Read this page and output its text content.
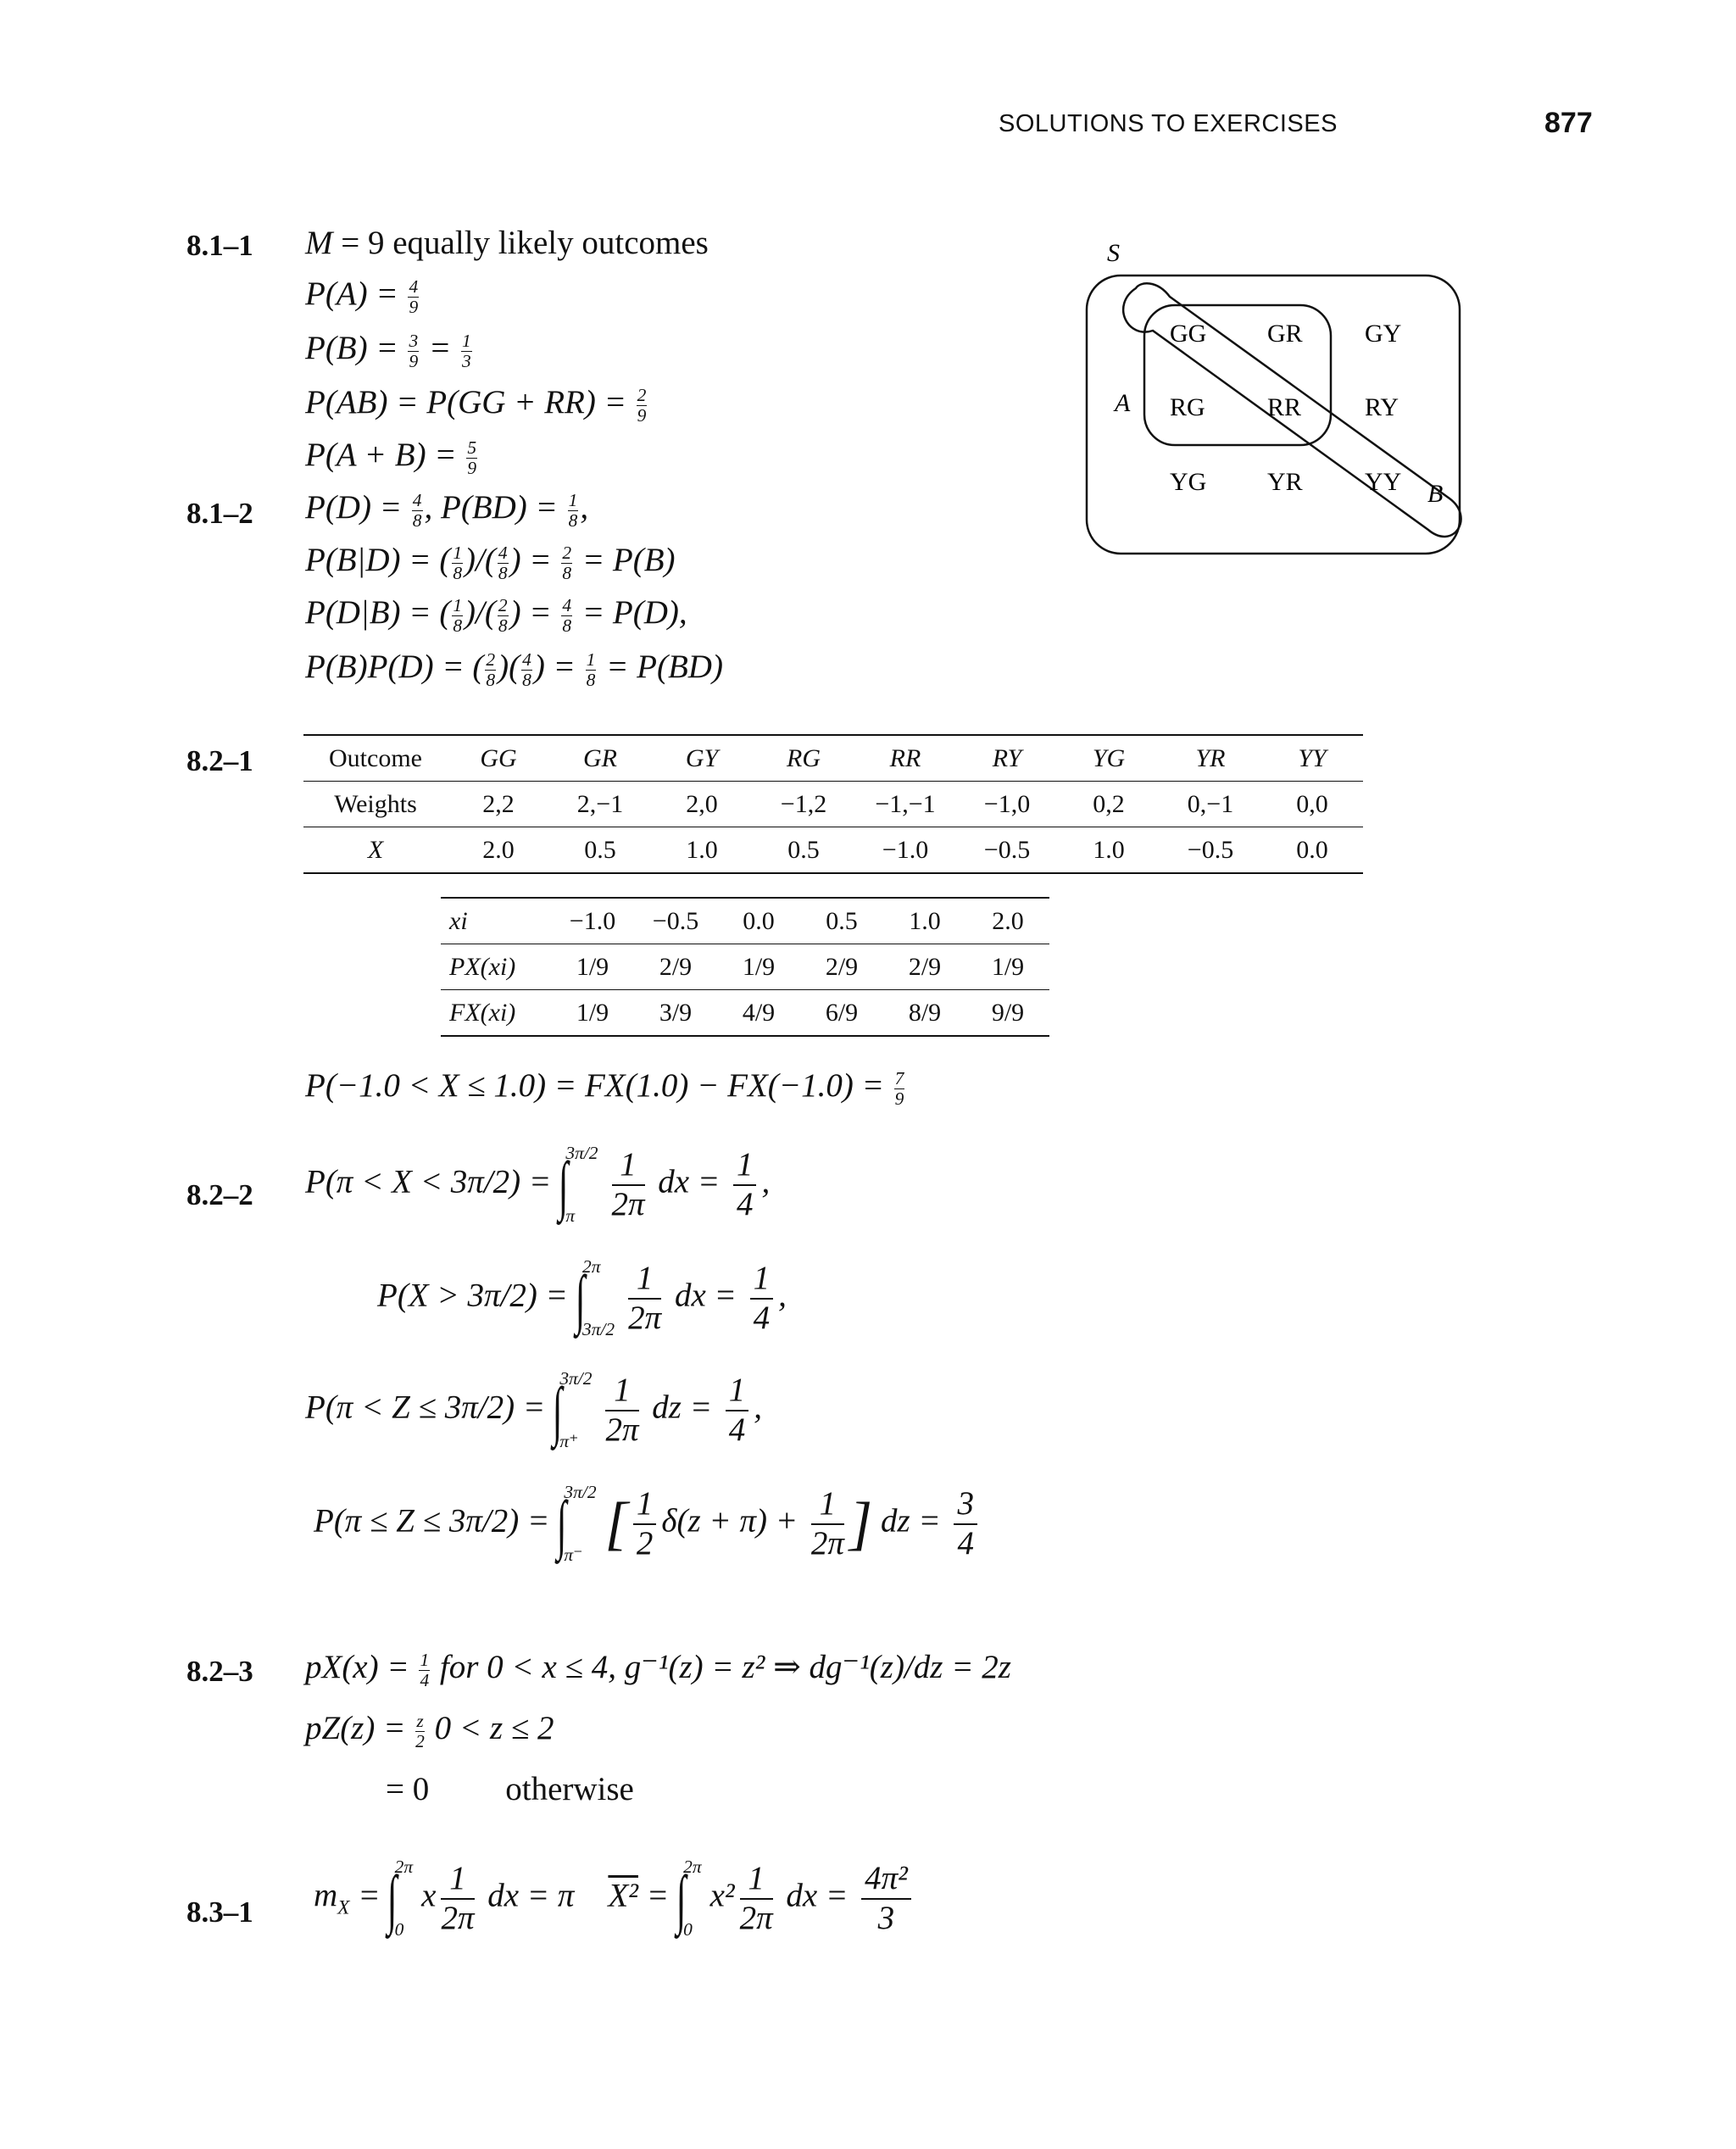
SOLUTIONS TO EXERCISES	877
8.1–1 M = 9 equally likely outcomes
$P(A) = \frac{4}{9}$
$P(B) = \frac{3}{9} = \frac{1}{3}$
$P(AB) = P(GG + RR) = \frac{2}{9}$
$P(A + B) = \frac{5}{9}$
8.1–2 $P(D) = \frac{4}{8}$ , $P(BD) = \frac{1}{8}$ ,
P(B|D) = ( $\frac{1}{8}$ )/( $\frac{4}{8}$ ) = $\frac{2}{8} = P(B)$
P(D|B) = ( $\frac{1}{8}$ )/( $\frac{2}{8}$ ) = $\frac{4}{8} = P(D)$,
P(B)P(D) = ( $\frac{2}{8}$ )( $\frac{4}{8}$ ) = $\frac{1}{8} = P(BD)$
S
A
B
GG GR GY
RG RR RY
YG YR YY
8.2–1	Outcome	GG	GR	GY	RG	RR	RY	YG	YR	YY
Weights	2,2	2,−1	2,0	−1,2	−1,−1	−1,0	0,2	0,−1	0,0
X	2.0	0.5	1.0	0.5	−1.0	−0.5	1.0	−0.5	0.0
xi	−1.0	−0.5	0.0	0.5	1.0	2.0
PX(xi)	1/9	2/9	1/9	2/9	2/9	1/9
FX(xi)	1/9	3/9	4/9	6/9	8/9	9/9
$P(-1.0 < X \le 1.0) = FX(1.0) - FX(-1.0) = \frac{7}{9}$
8.2–2 P(π < X < 3π/2) = ∫
3π/2
π	$\frac{1}{2\pi}$ dx = $\frac{1}{4}$ ,
P(X > 3π/2) = ∫
2π
$3\pi/2 \frac{1}{2\pi}$ dx = $\frac{1}{4}$ ,
P(π < Z ≤ 3π/2) = ∫
3π/2
$\pi^+ \frac{1}{2\pi}$ dz = $\frac{1}{4}$ ,
P(π ≤ Z ≤ 3π/2) = ∫
3π/2
π⁻ [ $\frac{1}{2} \delta(z + \pi) + \frac{1}{2\pi}$ ] dz = $\frac{3}{4}$
8.2–3 $pX(x) = \frac{1}{4}$ for 0 < x ≤ 4, g⁻¹(z) = z² ⇒ dg⁻¹(z)/dz = 2z
$pZ(z) = \frac{z}{2} 0 < z \le 2$
= 0 otherwise
8.3–1 $m_X$ = ∫
2π
0
x $\frac{1}{2\pi}$ dx = π X² = ∫
2π
0
$x^2 \frac{1}{2\pi}$ dx = $\frac{\text{4π²}}{3}$
